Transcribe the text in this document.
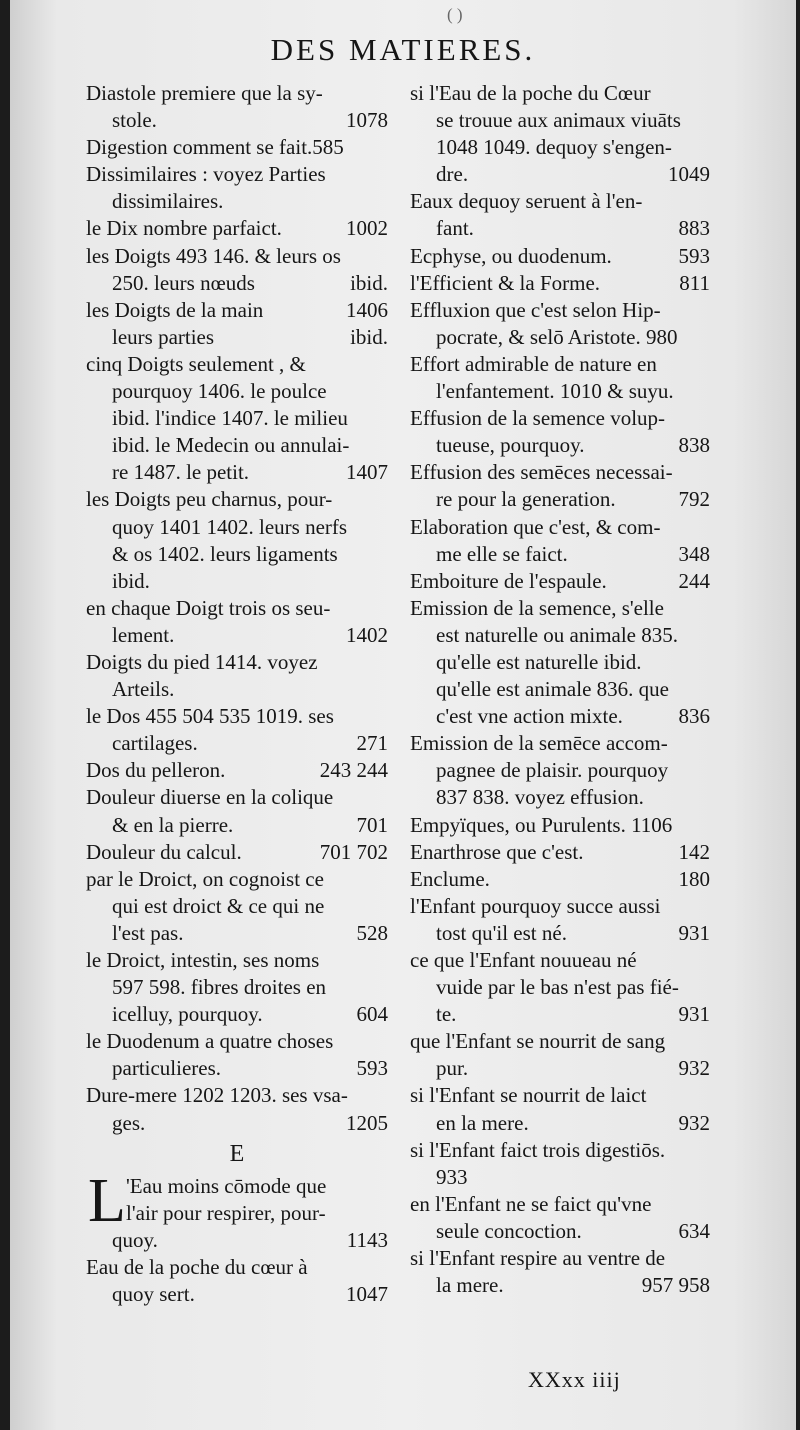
( )
DES MATIERES.
Diastole premiere que la sy-
stole.	1078
Digestion comment se fait.585
Dissimilaires : voyez Parties
dissimilaires.
le Dix nombre parfaict.	1002
les Doigts 493 146. & leurs os
250. leurs nœuds	ibid.
les Doigts de la main	1406
leurs parties	ibid.
cinq Doigts seulement , &
pourquoy 1406. le poulce
ibid. l'indice 1407. le milieu
ibid. le Medecin ou annulai-
re 1487. le petit.	1407
les Doigts peu charnus, pour-
quoy 1401 1402. leurs nerfs
& os 1402. leurs ligaments
ibid.
en chaque Doigt trois os seu-
lement.	1402
Doigts du pied 1414. voyez
Arteils.
le Dos 455 504 535 1019. ses
cartilages.	271
Dos du pelleron.	243 244
Douleur diuerse en la colique
& en la pierre.	701
Douleur du calcul.	701 702
par le Droict, on cognoist ce
qui est droict & ce qui ne
l'est pas.	528
le Droict, intestin, ses noms
597 598. fibres droites en
icelluy, pourquoy.	604
le Duodenum a quatre choses
particulieres.	593
Dure-mere 1202 1203. ses vsa-
ges.	1205
E
L 'Eau moins cōmode que
l'air pour respirer, pour-
quoy.	1143
Eau de la poche du cœur à
quoy sert.	1047
si l'Eau de la poche du Cœur
se trouue aux animaux viuāts
1048 1049. dequoy s'engen-
dre.	1049
Eaux dequoy seruent à l'en-
fant.	883
Ecphyse, ou duodenum.	593
l'Efficient & la Forme.	811
Effluxion que c'est selon Hip-
pocrate, & selō Aristote. 980
Effort admirable de nature en
l'enfantement. 1010 & suyu.
Effusion de la semence volup-
tueuse, pourquoy.	838
Effusion des semēces necessai-
re pour la generation.	792
Elaboration que c'est, & com-
me elle se faict.	348
Emboiture de l'espaule.	244
Emission de la semence, s'elle
est naturelle ou animale 835.
qu'elle est naturelle ibid.
qu'elle est animale 836. que
c'est vne action mixte.	836
Emission de la semēce accom-
pagnee de plaisir. pourquoy
837 838. voyez effusion.
Empyïques, ou Purulents. 1106
Enarthrose que c'est.	142
Enclume.	180
l'Enfant pourquoy succe aussi
tost qu'il est né.	931
ce que l'Enfant nouueau né
vuide par le bas n'est pas fié-
te.	931
que l'Enfant se nourrit de sang
pur.	932
si l'Enfant se nourrit de laict
en la mere.	932
si l'Enfant faict trois digestiōs.
933
en l'Enfant ne se faict qu'vne
seule concoction.	634
si l'Enfant respire au ventre de
la mere.	957 958
XXxx iiij
